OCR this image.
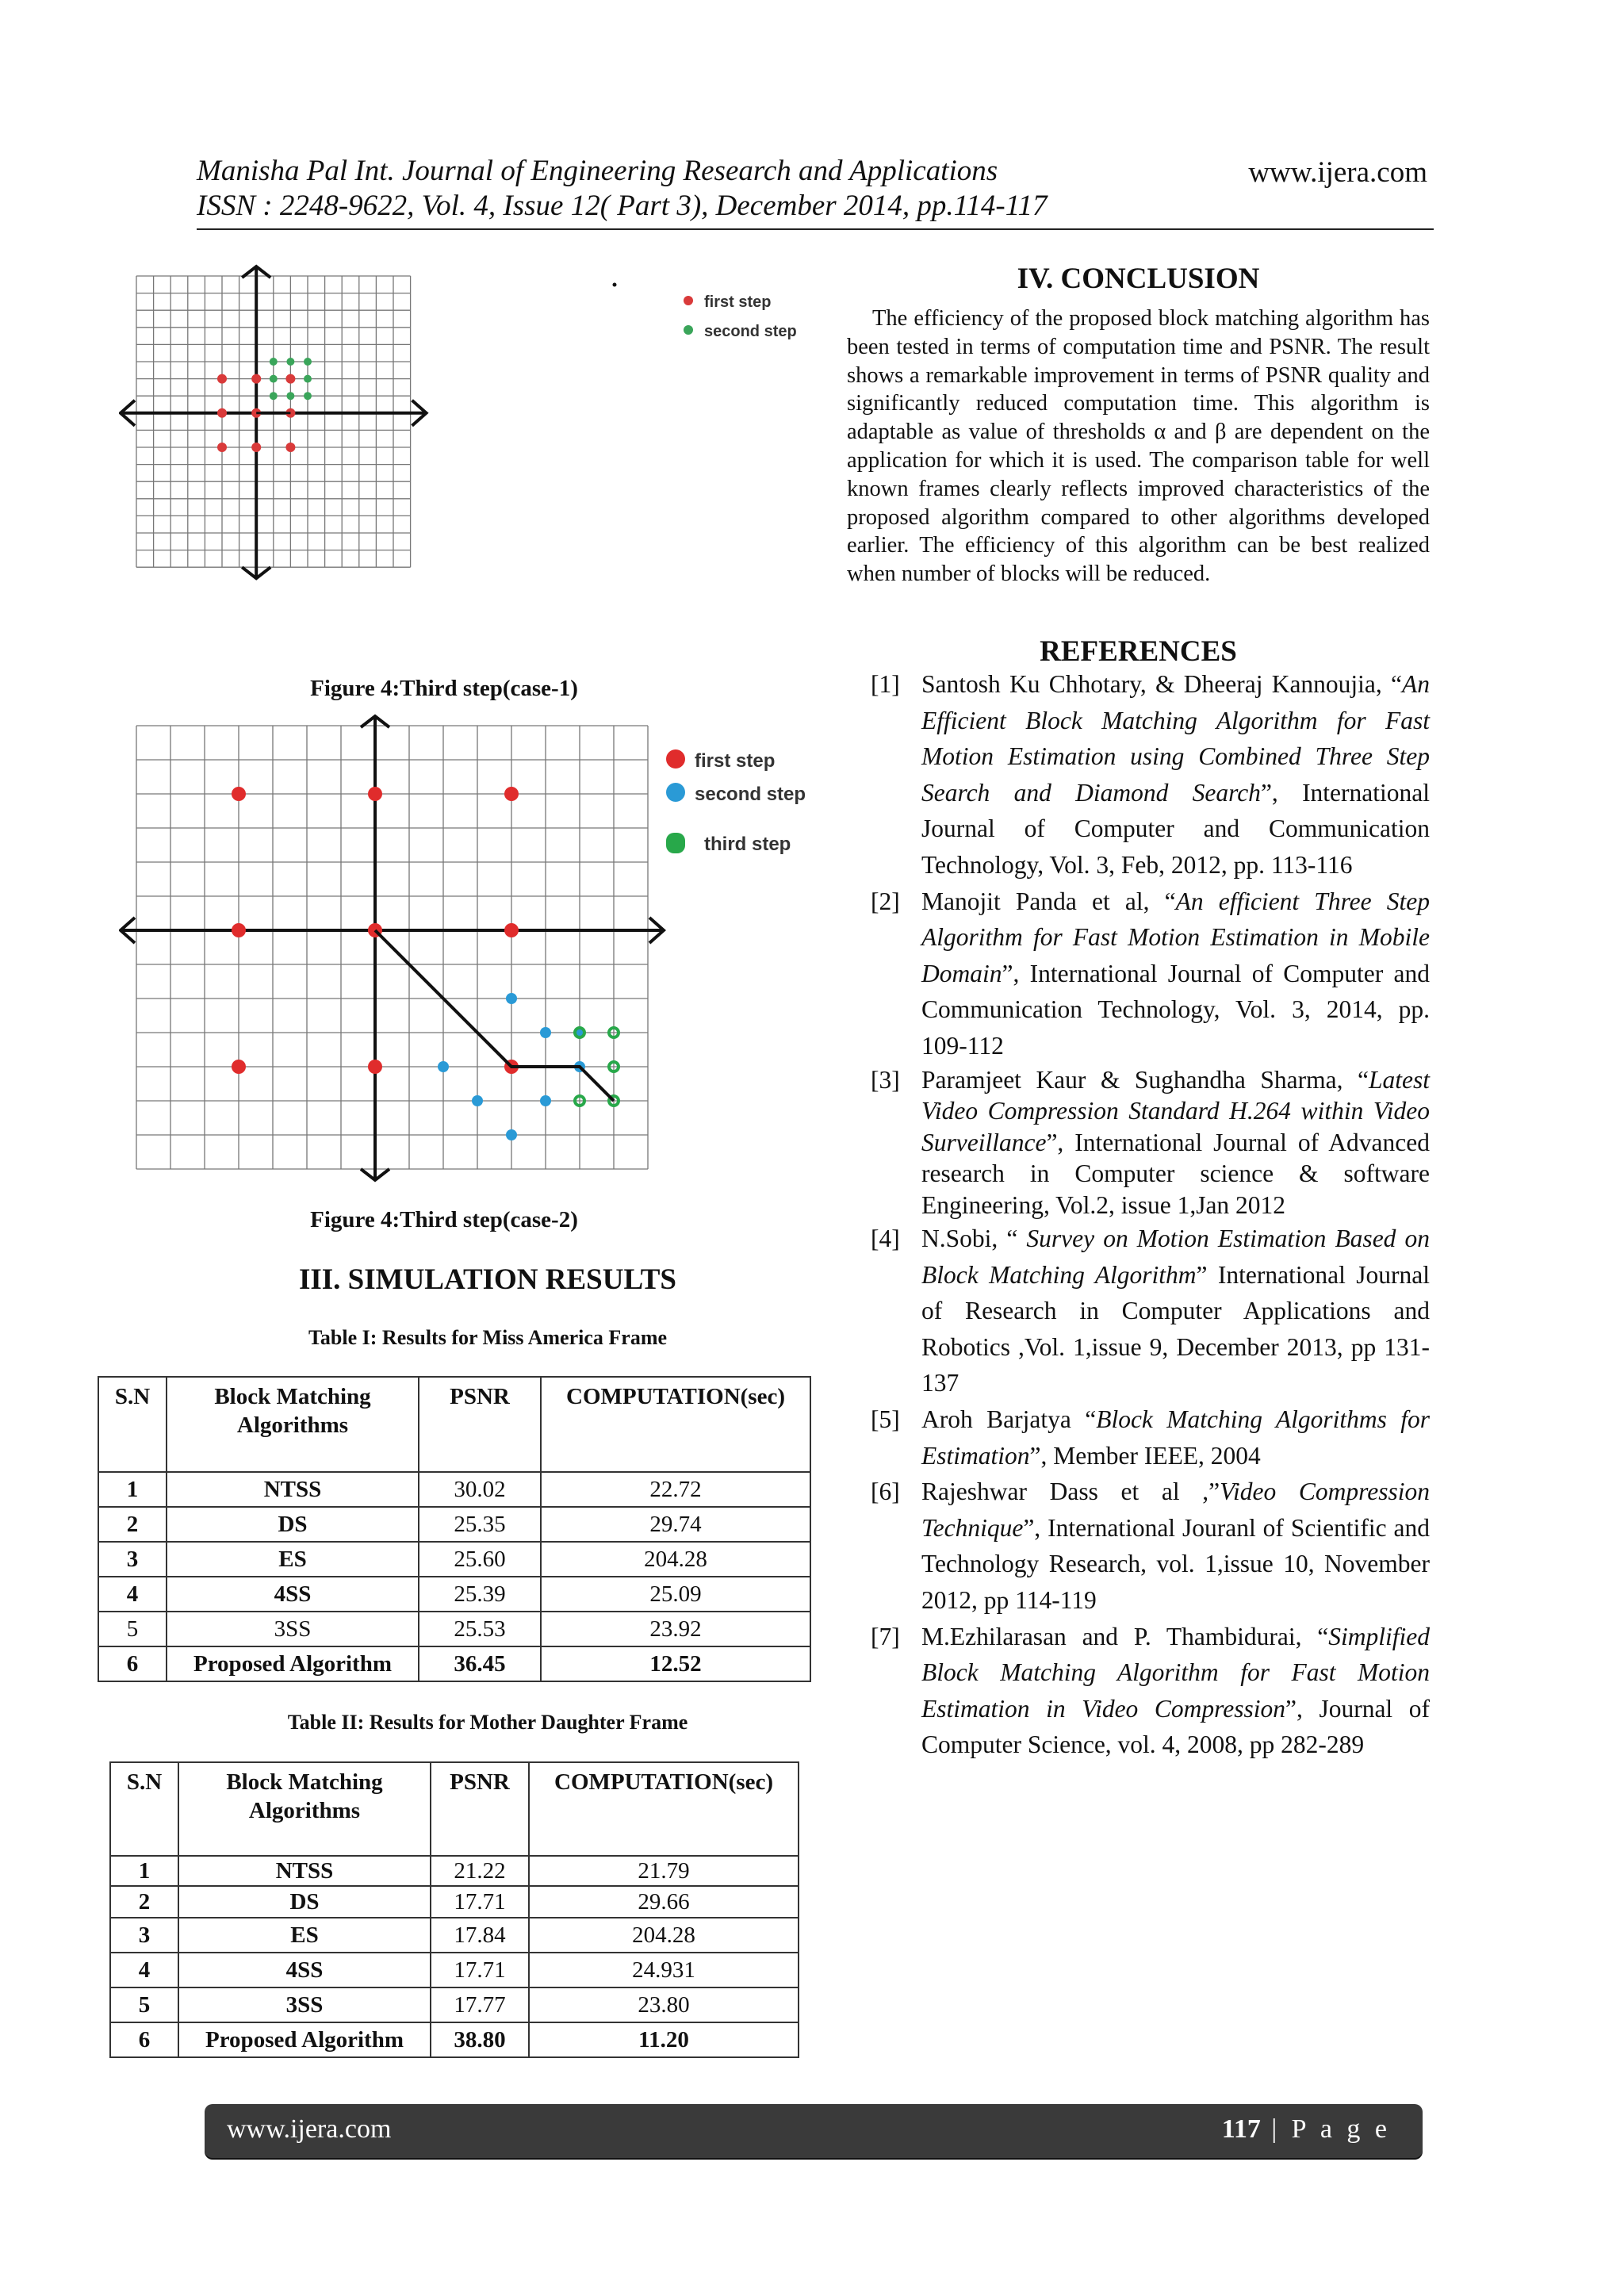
Manisha Pal Int. Journal of Engineering Research and Applications
ISSN : 2248-9622, Vol. 4, Issue 12( Part 3), December 2014, pp.114-117
www.ijera.com
first step
second step
Figure 4:Third step(case-1)
first step
second step
third step
Figure 4:Third step(case-2)
III. SIMULATION RESULTS
Table I: Results for Miss America Frame
S.N	Block Matching Algorithms	PSNR	COMPUTATION(sec)
1	NTSS	30.02	22.72
2	DS	25.35	29.74
3	ES	25.60	204.28
4	4SS	25.39	25.09
5	3SS	25.53	23.92
6	Proposed Algorithm	36.45	12.52
Table II: Results for Mother Daughter Frame
S.N	Block Matching Algorithms	PSNR	COMPUTATION(sec)
1	NTSS	21.22	21.79
2	DS	17.71	29.66
3	ES	17.84	204.28
4	4SS	17.71	24.931
5	3SS	17.77	23.80
6	Proposed Algorithm	38.80	11.20
IV. CONCLUSION
The efficiency of the proposed block matching algorithm has been tested in terms of computation time and PSNR. The result shows a remarkable improvement in terms of PSNR quality and significantly reduced computation time. This algorithm is adaptable as value of thresholds α and β are dependent on the application for which it is used. The comparison table for well known frames clearly reflects improved characteristics of the proposed algorithm compared to other algorithms developed earlier. The efficiency of this algorithm can be best realized when number of blocks will be reduced.
REFERENCES
[1] Santosh Ku Chhotary, & Dheeraj Kannoujia, “An Efficient Block Matching Algorithm for Fast Motion Estimation using Combined Three Step Search and Diamond Search”, International Journal of Computer and Communication Technology, Vol. 3, Feb, 2012, pp. 113-116
[2] Manojit Panda et al, “An efficient Three Step Algorithm for Fast Motion Estimation in Mobile Domain”, International Journal of Computer and Communication Technology, Vol. 3, 2014, pp. 109-112
[3] Paramjeet Kaur & Sughandha Sharma, “Latest Video Compression Standard H.264 within Video Surveillance”, International Journal of Advanced research in Computer science & software Engineering, Vol.2, issue 1,Jan 2012
[4] N.Sobi, “ Survey on Motion Estimation Based on Block Matching Algorithm” International Journal of Research in Computer Applications and Robotics ,Vol. 1,issue 9, December 2013, pp 131-137
[5] Aroh Barjatya “Block Matching Algorithms for Estimation”, Member IEEE, 2004
[6] Rajeshwar Dass et al ,”Video Compression Technique”, International Jouranl of Scientific and Technology Research, vol. 1,issue 10, November 2012, pp 114-119
[7] M.Ezhilarasan and P. Thambidurai, “Simplified Block Matching Algorithm for Fast Motion Estimation in Video Compression”, Journal of Computer Science, vol. 4, 2008, pp 282-289
www.ijera.com	117 | P a g e
